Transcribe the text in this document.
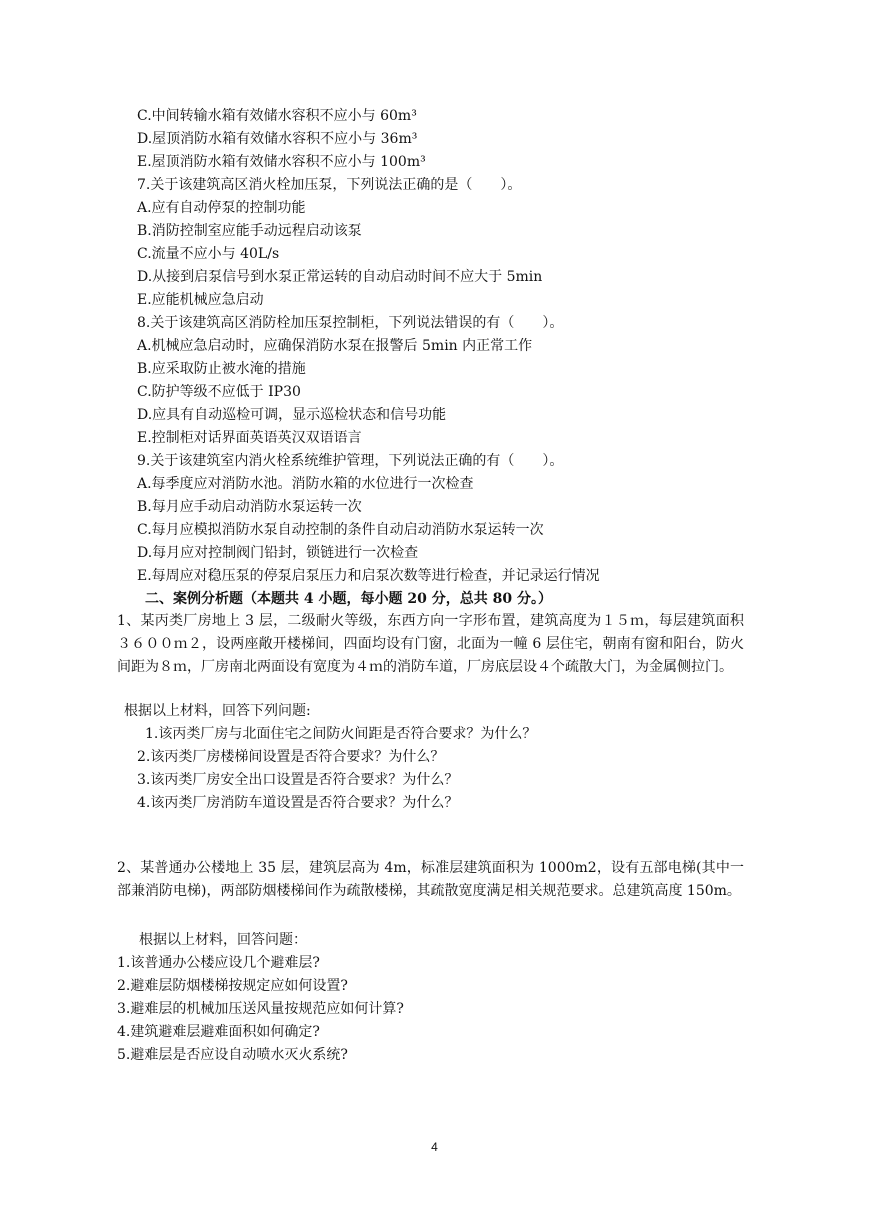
C.中间转输水箱有效储水容积不应小与 60m³
D.屋顶消防水箱有效储水容积不应小与 36m³
E.屋顶消防水箱有效储水容积不应小与 100m³
7.关于该建筑高区消火栓加压泵，下列说法正确的是（　　）。
A.应有自动停泵的控制功能
B.消防控制室应能手动远程启动该泵
C.流量不应小与 40L/s
D.从接到启泵信号到水泵正常运转的自动启动时间不应大于 5min
E.应能机械应急启动
8.关于该建筑高区消防栓加压泵控制柜，下列说法错误的有（　　）。
A.机械应急启动时，应确保消防水泵在报警后 5min 内正常工作
B.应采取防止被水淹的措施
C.防护等级不应低于 IP30
D.应具有自动巡检可调，显示巡检状态和信号功能
E.控制柜对话界面英语英汉双语语言
9.关于该建筑室内消火栓系统维护管理，下列说法正确的有（　　）。
A.每季度应对消防水池。消防水箱的水位进行一次检查
B.每月应手动启动消防水泵运转一次
C.每月应模拟消防水泵自动控制的条件自动启动消防水泵运转一次
D.每月应对控制阀门铅封，锁链进行一次检查
E.每周应对稳压泵的停泵启泵压力和启泵次数等进行检查，并记录运行情况
二、案例分析题（本题共 4 小题，每小题 20 分，总共 80 分。）
1、某丙类厂房地上 3 层，二级耐火等级，东西方向一字形布置，建筑高度为１５ｍ，每层建筑面积３６００ｍ２，设两座敞开楼梯间，四面均设有门窗，北面为一幢 6 层住宅，朝南有窗和阳台，防火间距为８ｍ，厂房南北两面设有宽度为４ｍ的消防车道，厂房底层设４个疏散大门，为金属侧拉门。
根据以上材料，回答下列问题:
1.该丙类厂房与北面住宅之间防火间距是否符合要求？为什么？
2.该丙类厂房楼梯间设置是否符合要求？为什么？
3.该丙类厂房安全出口设置是否符合要求？为什么？
4.该丙类厂房消防车道设置是否符合要求？为什么？
2、某普通办公楼地上 35 层，建筑层高为 4m，标准层建筑面积为 1000m2，设有五部电梯(其中一部兼消防电梯)，两部防烟楼梯间作为疏散楼梯，其疏散宽度满足相关规范要求。总建筑高度 150m。
根据以上材料，回答问题：
1.该普通办公楼应设几个避难层?
2.避难层防烟楼梯按规定应如何设置?
3.避难层的机械加压送风量按规范应如何计算?
4.建筑避难层避难面积如何确定?
5.避难层是否应设自动喷水灭火系统?
4
